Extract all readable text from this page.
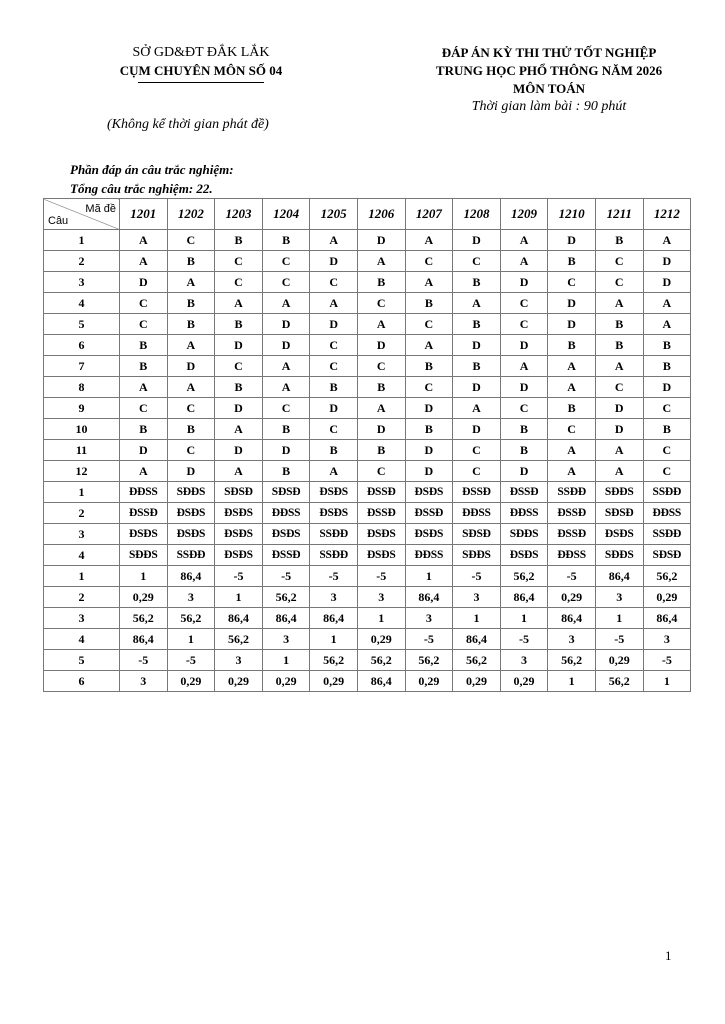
SỞ GD&ĐT ĐẮK LẮK
CỤM CHUYÊN MÔN SỐ 04
ĐÁP ÁN KỲ THI THỬ TỐT NGHIỆP
TRUNG HỌC PHỔ THÔNG NĂM 2026
MÔN TOÁN
Thời gian làm bài : 90 phút
(Không kể thời gian phát đề)
Phần đáp án câu trắc nghiệm:
Tổng câu trắc nghiệm: 22.
Mã đề
Câu	1201	1202	1203	1204	1205	1206	1207	1208	1209	1210	1211	1212
1	A	C	B	B	A	D	A	D	A	D	B	A
2	A	B	C	C	D	A	C	C	A	B	C	D
3	D	A	C	C	C	B	A	B	D	C	C	D
4	C	B	A	A	A	C	B	A	C	D	A	A
5	C	B	B	D	D	A	C	B	C	D	B	A
6	B	A	D	D	C	D	A	D	D	B	B	B
7	B	D	C	A	C	C	B	B	A	A	A	B
8	A	A	B	A	B	B	C	D	D	A	C	D
9	C	C	D	C	D	A	D	A	C	B	D	C
10	B	B	A	B	C	D	B	D	B	C	D	B
11	D	C	D	D	B	B	D	C	B	A	A	C
12	A	D	A	B	A	C	D	C	D	A	A	C
1	ĐĐSS	SĐĐS	SĐSĐ	SĐSĐ	ĐSĐS	ĐSSĐ	ĐSĐS	ĐSSĐ	ĐSSĐ	SSĐĐ	SĐĐS	SSĐĐ
2	ĐSSĐ	ĐSĐS	ĐSĐS	ĐĐSS	ĐSĐS	ĐSSĐ	ĐSSĐ	ĐĐSS	ĐĐSS	ĐSSĐ	SĐSĐ	ĐĐSS
3	ĐSĐS	ĐSĐS	ĐSĐS	ĐSĐS	SSĐĐ	ĐSĐS	ĐSĐS	SĐSĐ	SĐĐS	ĐSSĐ	ĐSĐS	SSĐĐ
4	SĐĐS	SSĐĐ	ĐSĐS	ĐSSĐ	SSĐĐ	ĐSĐS	ĐĐSS	SĐĐS	ĐSĐS	ĐĐSS	SĐĐS	SĐSĐ
1	1	86,4	-5	-5	-5	-5	1	-5	56,2	-5	86,4	56,2
2	0,29	3	1	56,2	3	3	86,4	3	86,4	0,29	3	0,29
3	56,2	56,2	86,4	86,4	86,4	1	3	1	1	86,4	1	86,4
4	86,4	1	56,2	3	1	0,29	-5	86,4	-5	3	-5	3
5	-5	-5	3	1	56,2	56,2	56,2	56,2	3	56,2	0,29	-5
6	3	0,29	0,29	0,29	0,29	86,4	0,29	0,29	0,29	1	56,2	1
1
